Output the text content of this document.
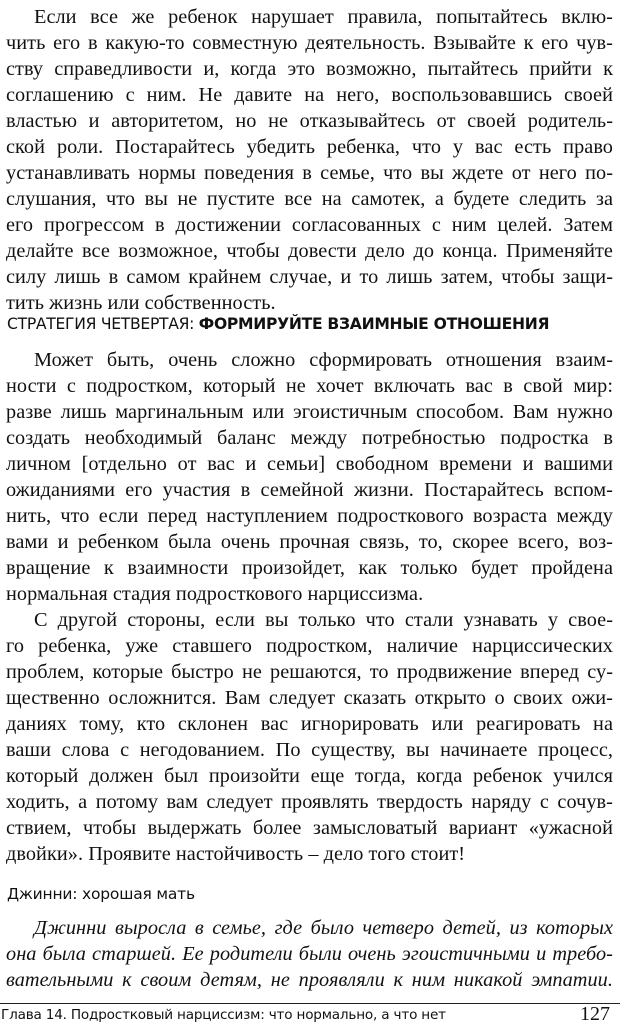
Если все же ребенок нарушает правила, попытайтесь вклю-
чить его в какую-то совместную деятельность. Взывайте к его чув-
ству справедливости и, когда это возможно, пытайтесь прийти к
соглашению с ним. Не давите на него, воспользовавшись своей
властью и авторитетом, но не отказывайтесь от своей родитель-
ской роли. Постарайтесь убедить ребенка, что у вас есть право
устанавливать нормы поведения в семье, что вы ждете от него по-
слушания, что вы не пустите все на самотек, а будете следить за
его прогрессом в достижении согласованных с ним целей. Затем
делайте все возможное, чтобы довести дело до конца. Применяйте
силу лишь в самом крайнем случае, и то лишь затем, чтобы защи-
тить жизнь или собственность.
СТРАТЕГИЯ ЧЕТВЕРТАЯ: ФОРМИРУЙТЕ ВЗАИМНЫЕ ОТНОШЕНИЯ
Может быть, очень сложно сформировать отношения взаим-
ности с подростком, который не хочет включать вас в свой мир:
разве лишь маргинальным или эгоистичным способом. Вам нужно
создать необходимый баланс между потребностью подростка в
личном [отдельно от вас и семьи] свободном времени и вашими
ожиданиями его участия в семейной жизни. Постарайтесь вспом-
нить, что если перед наступлением подросткового возраста между
вами и ребенком была очень прочная связь, то, скорее всего, воз-
вращение к взаимности произойдет, как только будет пройдена
нормальная стадия подросткового нарциссизма.
С другой стороны, если вы только что стали узнавать у свое-
го ребенка, уже ставшего подростком, наличие нарциссических
проблем, которые быстро не решаются, то продвижение вперед су-
щественно осложнится. Вам следует сказать открыто о своих ожи-
даниях тому, кто склонен вас игнорировать или реагировать на
ваши слова с негодованием. По существу, вы начинаете процесс,
который должен был произойти еще тогда, когда ребенок учился
ходить, а потому вам следует проявлять твердость наряду с сочув-
ствием, чтобы выдержать более замысловатый вариант «ужасной
двойки». Проявите настойчивость – дело того стоит!
Джинни: хорошая мать
Джинни выросла в семье, где было четверо детей, из которых
она была старшей. Ее родители были очень эгоистичными и требо-
вательными к своим детям, не проявляли к ним никакой эмпатии.
Глава 14. Подростковый нарциссизм: что нормально, а что нет	127
